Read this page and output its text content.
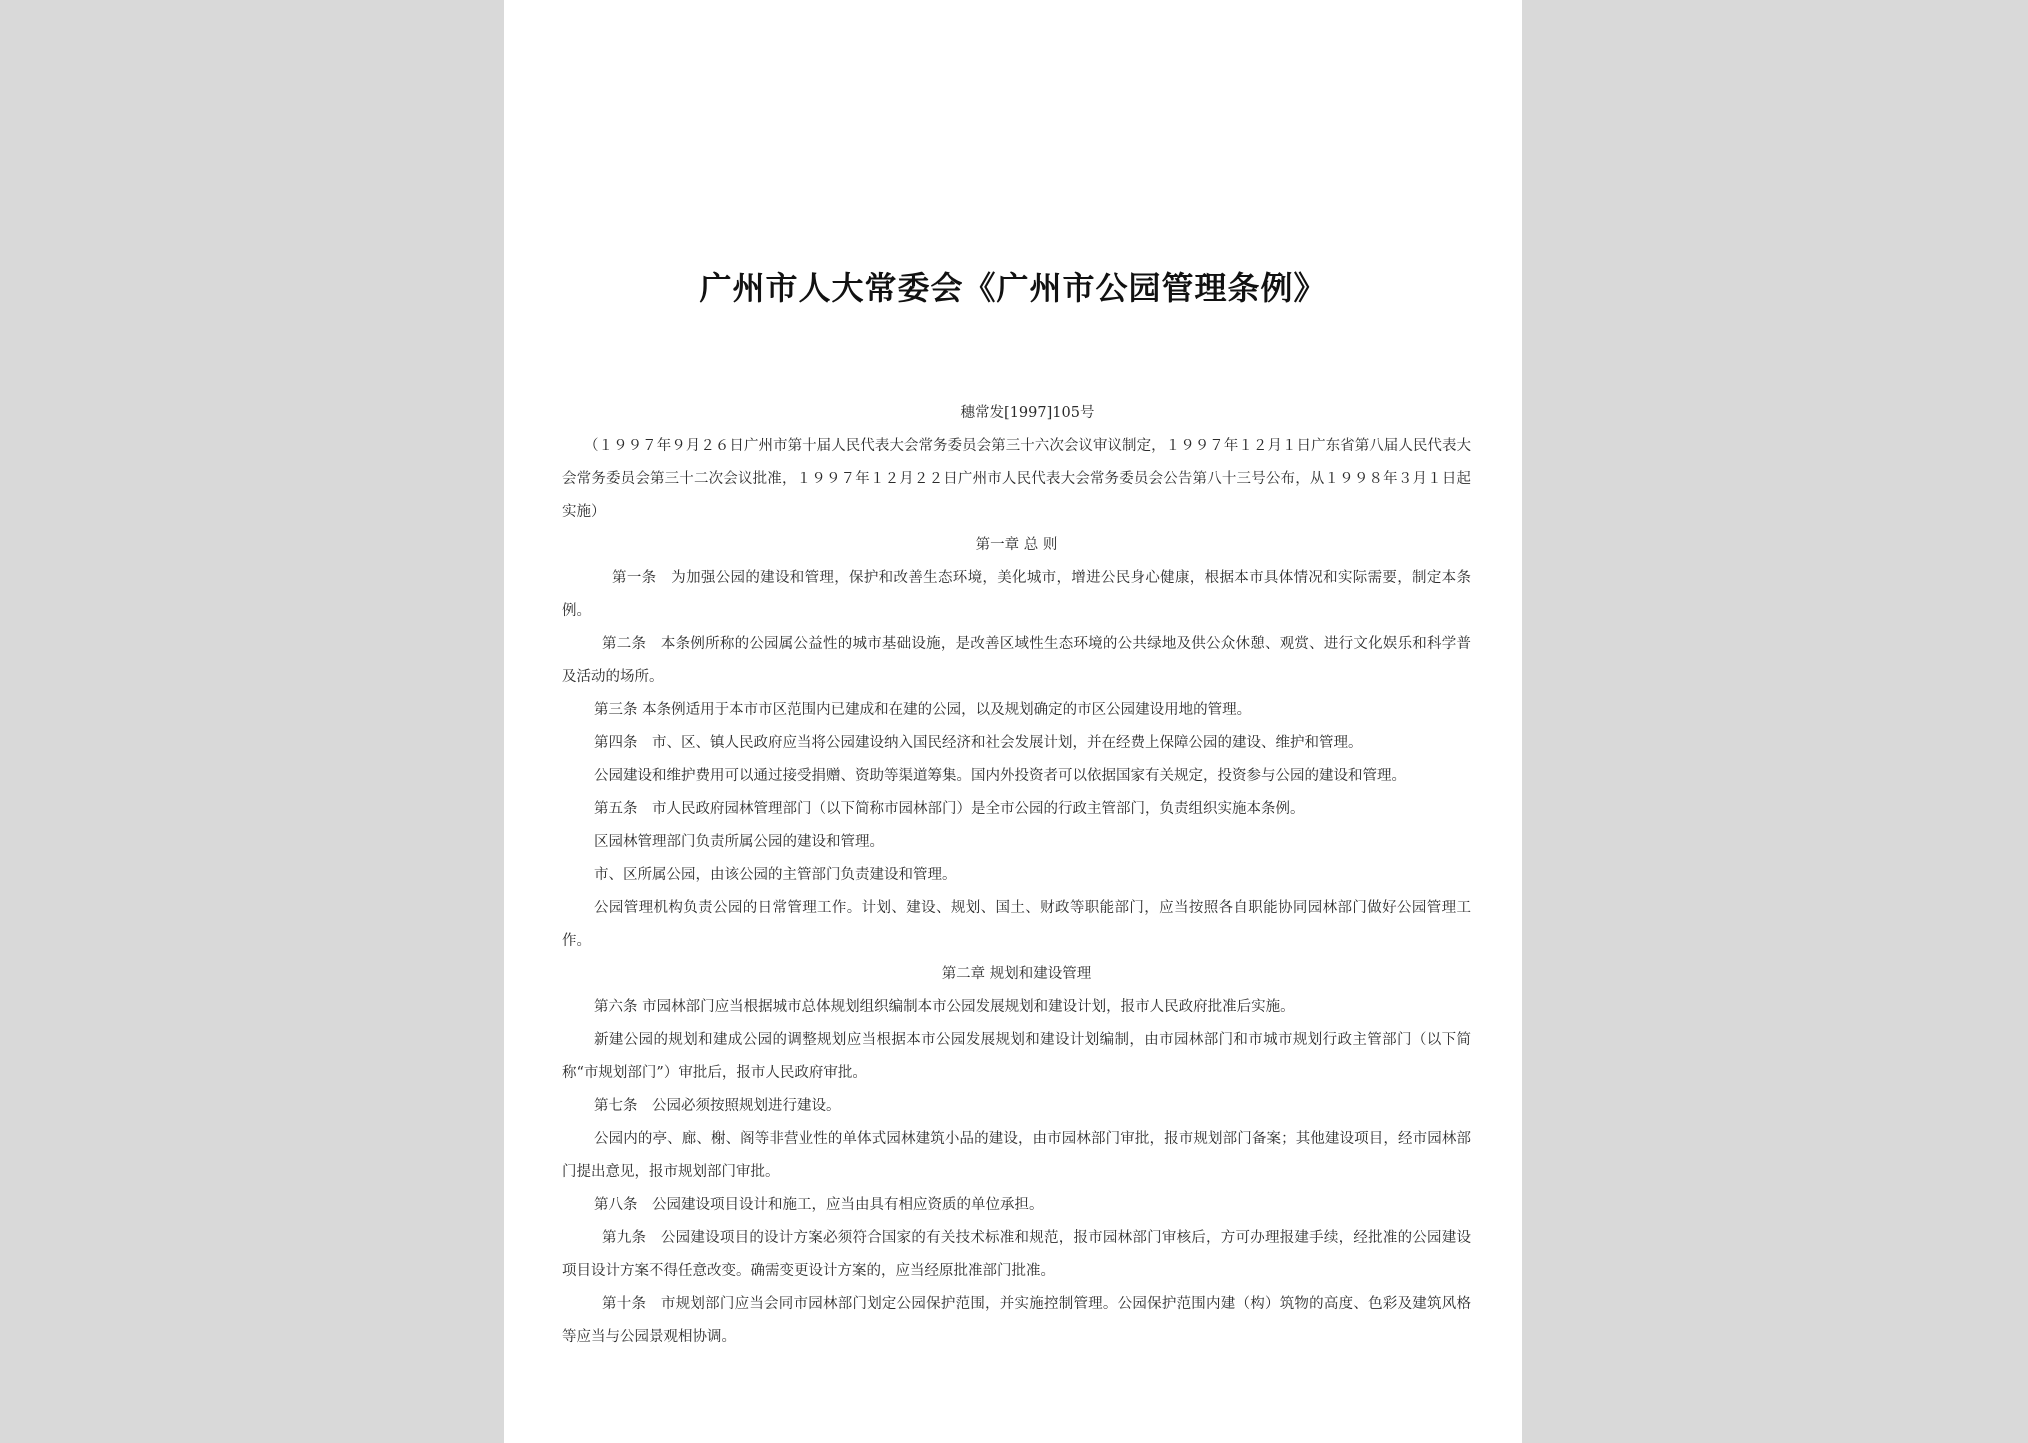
广州市人大常委会《广州市公园管理条例》
穗常发[1997]105号
（１９９７年９月２６日广州市第十届人民代表大会常务委员会第三十六次会议审议制定，１９９７年１２月１日广东省第八届人民代表大会常务委员会第三十二次会议批准，１９９７年１２月２２日广州市人民代表大会常务委员会公告第八十三号公布，从１９９８年３月１日起实施）
第一章 总 则
第一条　为加强公园的建设和管理，保护和改善生态环境，美化城市，增进公民身心健康，根据本市具体情况和实际需要，制定本条例。
第二条　本条例所称的公园属公益性的城市基础设施，是改善区域性生态环境的公共绿地及供公众休憩、观赏、进行文化娱乐和科学普及活动的场所。
第三条 本条例适用于本市市区范围内已建成和在建的公园，以及规划确定的市区公园建设用地的管理。
第四条　市、区、镇人民政府应当将公园建设纳入国民经济和社会发展计划，并在经费上保障公园的建设、维护和管理。
公园建设和维护费用可以通过接受捐赠、资助等渠道筹集。国内外投资者可以依据国家有关规定，投资参与公园的建设和管理。
第五条　市人民政府园林管理部门（以下简称市园林部门）是全市公园的行政主管部门，负责组织实施本条例。
区园林管理部门负责所属公园的建设和管理。
市、区所属公园，由该公园的主管部门负责建设和管理。
公园管理机构负责公园的日常管理工作。计划、建设、规划、国土、财政等职能部门，应当按照各自职能协同园林部门做好公园管理工作。
第二章 规划和建设管理
第六条 市园林部门应当根据城市总体规划组织编制本市公园发展规划和建设计划，报市人民政府批准后实施。
新建公园的规划和建成公园的调整规划应当根据本市公园发展规划和建设计划编制，由市园林部门和市城市规划行政主管部门（以下简称“市规划部门”）审批后，报市人民政府审批。
第七条　公园必须按照规划进行建设。
公园内的亭、廊、榭、阁等非营业性的单体式园林建筑小品的建设，由市园林部门审批，报市规划部门备案；其他建设项目，经市园林部门提出意见，报市规划部门审批。
第八条　公园建设项目设计和施工，应当由具有相应资质的单位承担。
第九条　公园建设项目的设计方案必须符合国家的有关技术标准和规范，报市园林部门审核后，方可办理报建手续，经批准的公园建设项目设计方案不得任意改变。确需变更设计方案的，应当经原批准部门批准。
第十条　市规划部门应当会同市园林部门划定公园保护范围，并实施控制管理。公园保护范围内建（构）筑物的高度、色彩及建筑风格等应当与公园景观相协调。
